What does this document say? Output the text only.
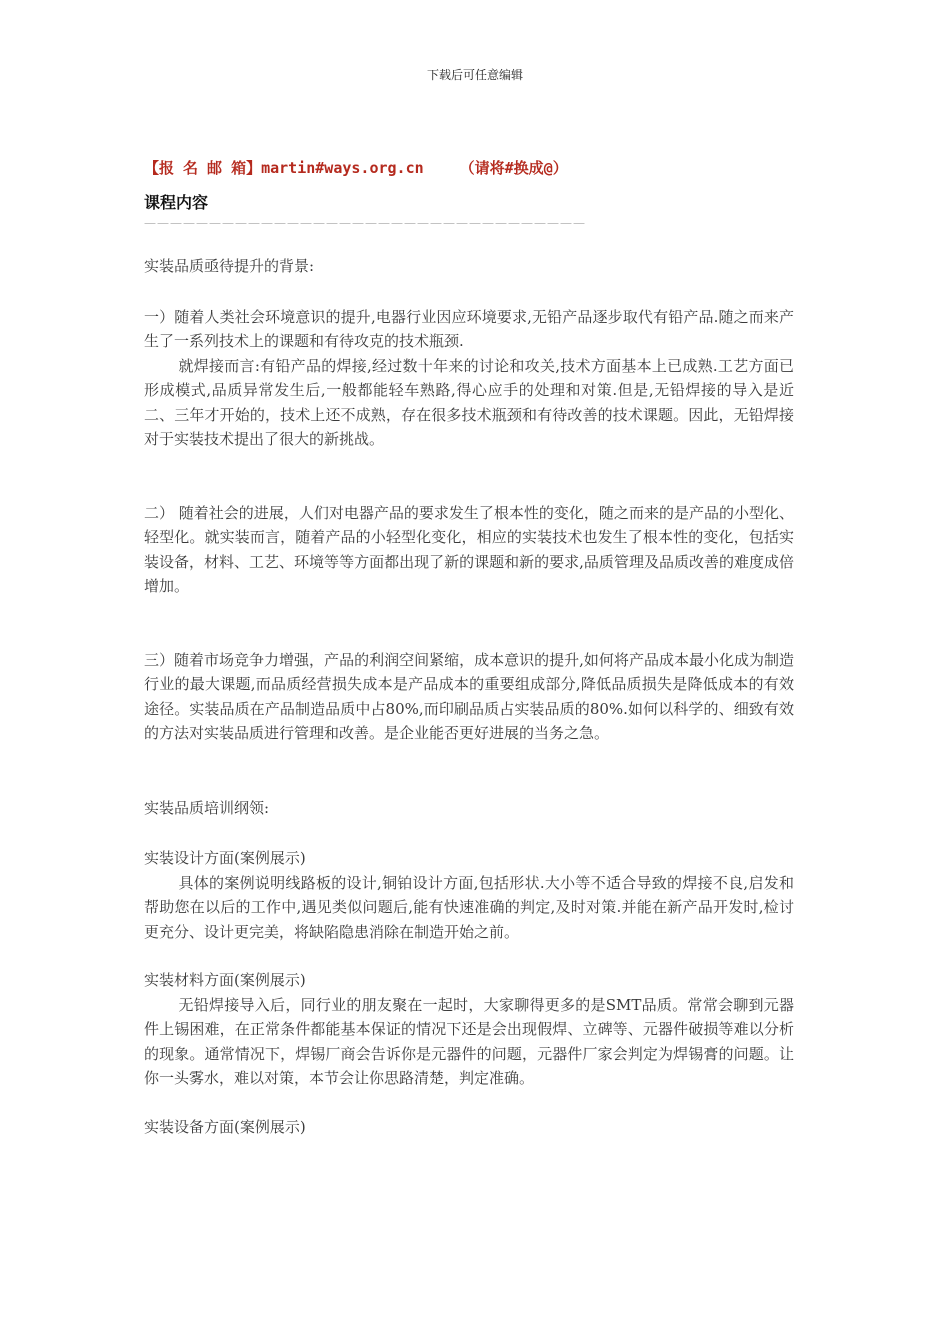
下载后可任意编辑
【报 名 邮 箱】martin#ways.org.cn （请将#换成@）
课程内容
——————————————————————————————————

实装品质亟待提升的背景:

一）随着人类社会环境意识的提升,电器行业因应环境要求,无铅产品逐步取代有铅产品.随之而来产生了一系列技术上的课题和有待攻克的技术瓶颈.

就焊接而言:有铅产品的焊接,经过数十年来的讨论和攻关,技术方面基本上已成熟.工艺方面已形成模式,品质异常发生后,一般都能轻车熟路,得心应手的处理和对策.但是,无铅焊接的导入是近二、三年才开始的，技术上还不成熟，存在很多技术瓶颈和有待改善的技术课题。因此，无铅焊接对于实装技术提出了很大的新挑战。

二） 随着社会的进展，人们对电器产品的要求发生了根本性的变化，随之而来的是产品的小型化、轻型化。就实装而言，随着产品的小轻型化变化，相应的实装技术也发生了根本性的变化，包括实装设备，材料、工艺、环境等等方面都出现了新的课题和新的要求,品质管理及品质改善的难度成倍增加。

三）随着市场竞争力增强，产品的利润空间紧缩，成本意识的提升,如何将产品成本最小化成为制造行业的最大课题,而品质经营损失成本是产品成本的重要组成部分,降低品质损失是降低成本的有效途径。实装品质在产品制造品质中占80%,而印刷品质占实装品质的80%.如何以科学的、细致有效的方法对实装品质进行管理和改善。是企业能否更好进展的当务之急。

实装品质培训纲领:

实装设计方面(案例展示)

具体的案例说明线路板的设计,铜铂设计方面,包括形状.大小等不适合导致的焊接不良,启发和帮助您在以后的工作中,遇见类似问题后,能有快速准确的判定,及时对策.并能在新产品开发时,检讨更充分、设计更完美，将缺陷隐患消除在制造开始之前。

实装材料方面(案例展示)

无铅焊接导入后，同行业的朋友聚在一起时，大家聊得更多的是SMT品质。常常会聊到元器件上锡困难，在正常条件都能基本保证的情况下还是会出现假焊、立碑等、元器件破损等难以分析的现象。通常情况下，焊锡厂商会告诉你是元器件的问题，元器件厂家会判定为焊锡膏的问题。让你一头雾水，难以对策，本节会让你思路清楚，判定准确。

实装设备方面(案例展示)
